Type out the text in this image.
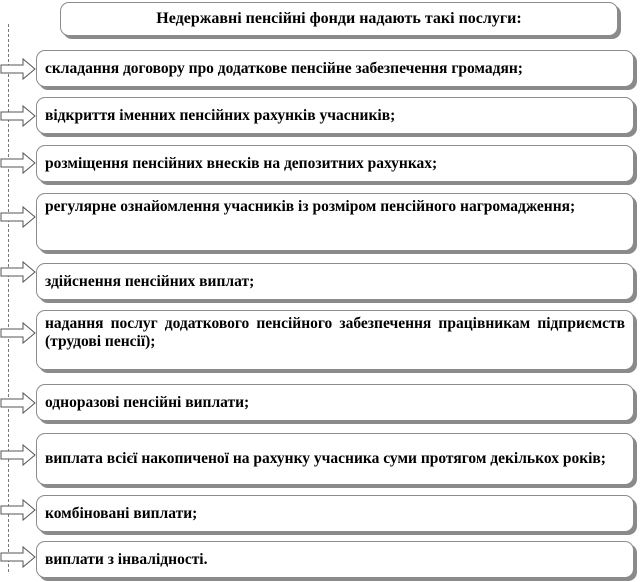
Недержавні пенсійні фонди надають такі послуги:
складання договору про додаткове пенсійне забезпечення громадян;
відкриття іменних пенсійних рахунків учасників;
розміщення пенсійних внесків на депозитних рахунках;
регулярне ознайомлення учасників із розміром пенсійного нагромадження;
здійснення пенсійних виплат;
надання послуг додаткового пенсійного забезпечення працівникам підприємств (трудові пенсії);
одноразові пенсійні виплати;
виплата всієї накопиченої на рахунку учасника суми протягом декількох років;
комбіновані виплати;
виплати з інвалідності.
